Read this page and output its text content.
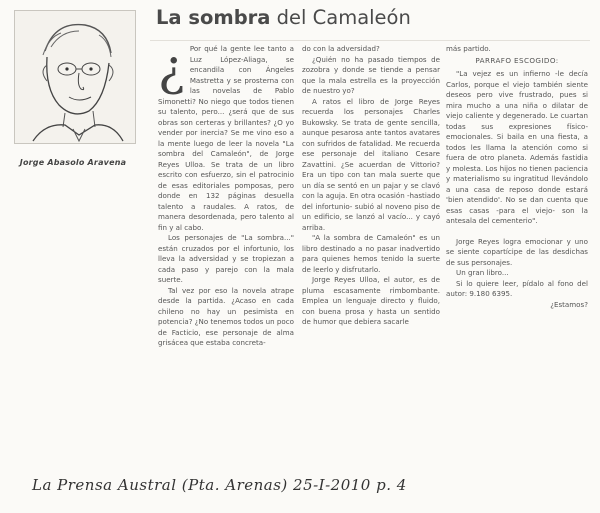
Jorge Abasolo Aravena
La sombra del Camaleón
¿ Por qué la gente lee tanto a Luz López-Aliaga, se encandila con Ángeles Mastretta y se prosterna con las novelas de Pablo Simonetti? No niego que todos tienen su talento, pero... ¿será que de sus obras son certeras y brillantes? ¿O yo vender por inercia? Se me vino eso a la mente luego de leer la novela "La sombra del Camaleón", de Jorge Reyes Ulloa. Se trata de un libro escrito con esfuerzo, sin el patrocinio de esas editoriales pomposas, pero donde en 132 páginas desuella talento a raudales. A ratos, de manera desordenada, pero talento al fin y al cabo.

Los personajes de "La sombra..." están cruzados por el infortunio, los lleva la adversidad y se tropiezan a cada paso y parejo con la mala suerte.

Tal vez por eso la novela atrape desde la partida. ¿Acaso en cada chileno no hay un pesimista en potencia? ¿No tenemos todos un poco de Facticio, ese personaje de alma grisácea que estaba concreta-

do con la adversidad?

¿Quién no ha pasado tiempos de zozobra y donde se tiende a pensar que la mala estrella es la proyección de nuestro yo?

A ratos el libro de Jorge Reyes recuerda los personajes Charles Bukowsky. Se trata de gente sencilla, aunque pesarosa ante tantos avatares con sufridos de fatalidad. Me recuerda ese personaje del italiano Cesare Zavattini. ¿Se acuerdan de Vittorio? Era un tipo con tan mala suerte que un día se sentó en un pajar y se clavó con la aguja. En otra ocasión -hastiado del infortunio- subió al noveno piso de un edificio, se lanzó al vacío... y cayó arriba.

"A la sombra de Camaleón" es un libro destinado a no pasar inadvertido para quienes hemos tenido la suerte de leerlo y disfrutarlo.

Jorge Reyes Ulloa, el autor, es de pluma escasamente rimbombante. Emplea un lenguaje directo y fluido, con buena prosa y hasta un sentido de humor que debiera sacarle

más partido.

PARRAFO ESCOGIDO:

"La vejez es un infierno -le decía Carlos, porque el viejo también siente deseos pero vive frustrado, pues si mira mucho a una niña o dilatar de viejo caliente y degenerado. Le cuartan todas sus expresiones físico-emocionales. Si baila en una fiesta, a todos les llama la atención como si fuera de otro planeta. Además fastidia y molesta. Los hijos no tienen paciencia y materialismo su ingratitud llevándolo a una casa de reposo donde estará 'bien atendido'. No se dan cuenta que esas casas -para el viejo- son la antesala del cementerio".

Jorge Reyes logra emocionar y uno se siente copartícipe de las desdichas de sus personajes.

Un gran libro...

Si lo quiere leer, pídalo al fono del autor: 9.180 6395.

¿Estamos?

La Prensa Austral (Pta. Arenas) 25-I-2010 p. 4
